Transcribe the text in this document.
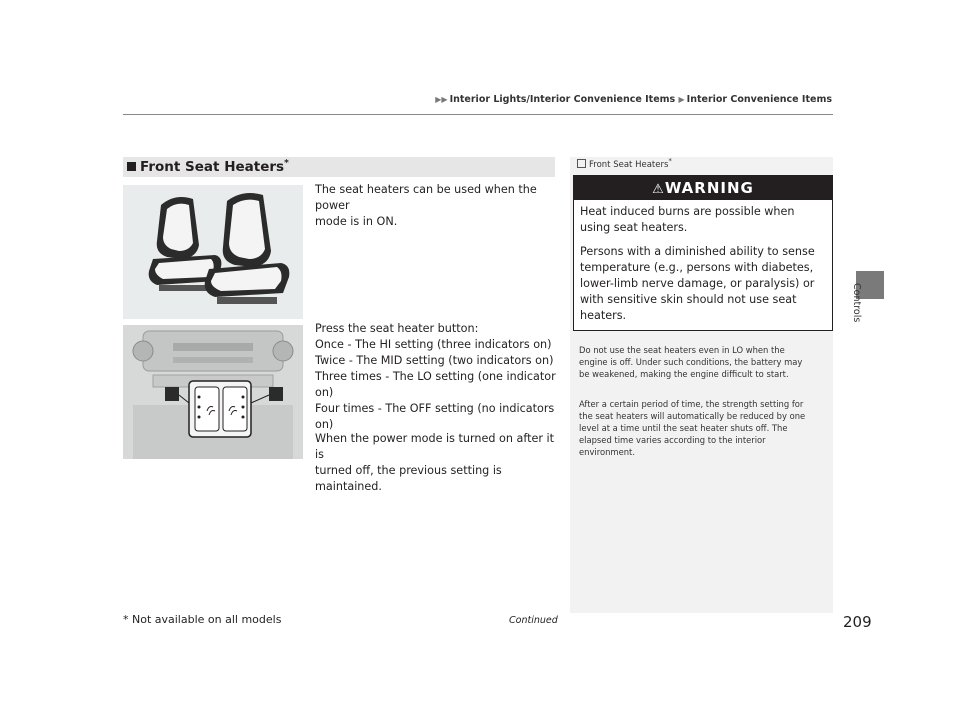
▶▶ Interior Lights/Interior Convenience Items ▶ Interior Convenience Items
Controls
Front Seat Heaters*
The seat heaters can be used when the power
mode is in ON.
Press the seat heater button:
Once - The HI setting (three indicators on)
Twice - The MID setting (two indicators on)
Three times - The LO setting (one indicator
on)
Four times - The OFF setting (no indicators on)
When the power mode is turned on after it is
turned off, the previous setting is maintained.
Front Seat Heaters*
⚠WARNING
Heat induced burns are possible when
using seat heaters.
Persons with a diminished ability to sense
temperature (e.g., persons with diabetes,
lower-limb nerve damage, or paralysis) or
with sensitive skin should not use seat
heaters.
Do not use the seat heaters even in LO when the
engine is off. Under such conditions, the battery may
be weakened, making the engine difficult to start.
After a certain period of time, the strength setting for
the seat heaters will automatically be reduced by one
level at a time until the seat heater shuts off. The
elapsed time varies according to the interior
environment.
* Not available on all models	Continued	209
